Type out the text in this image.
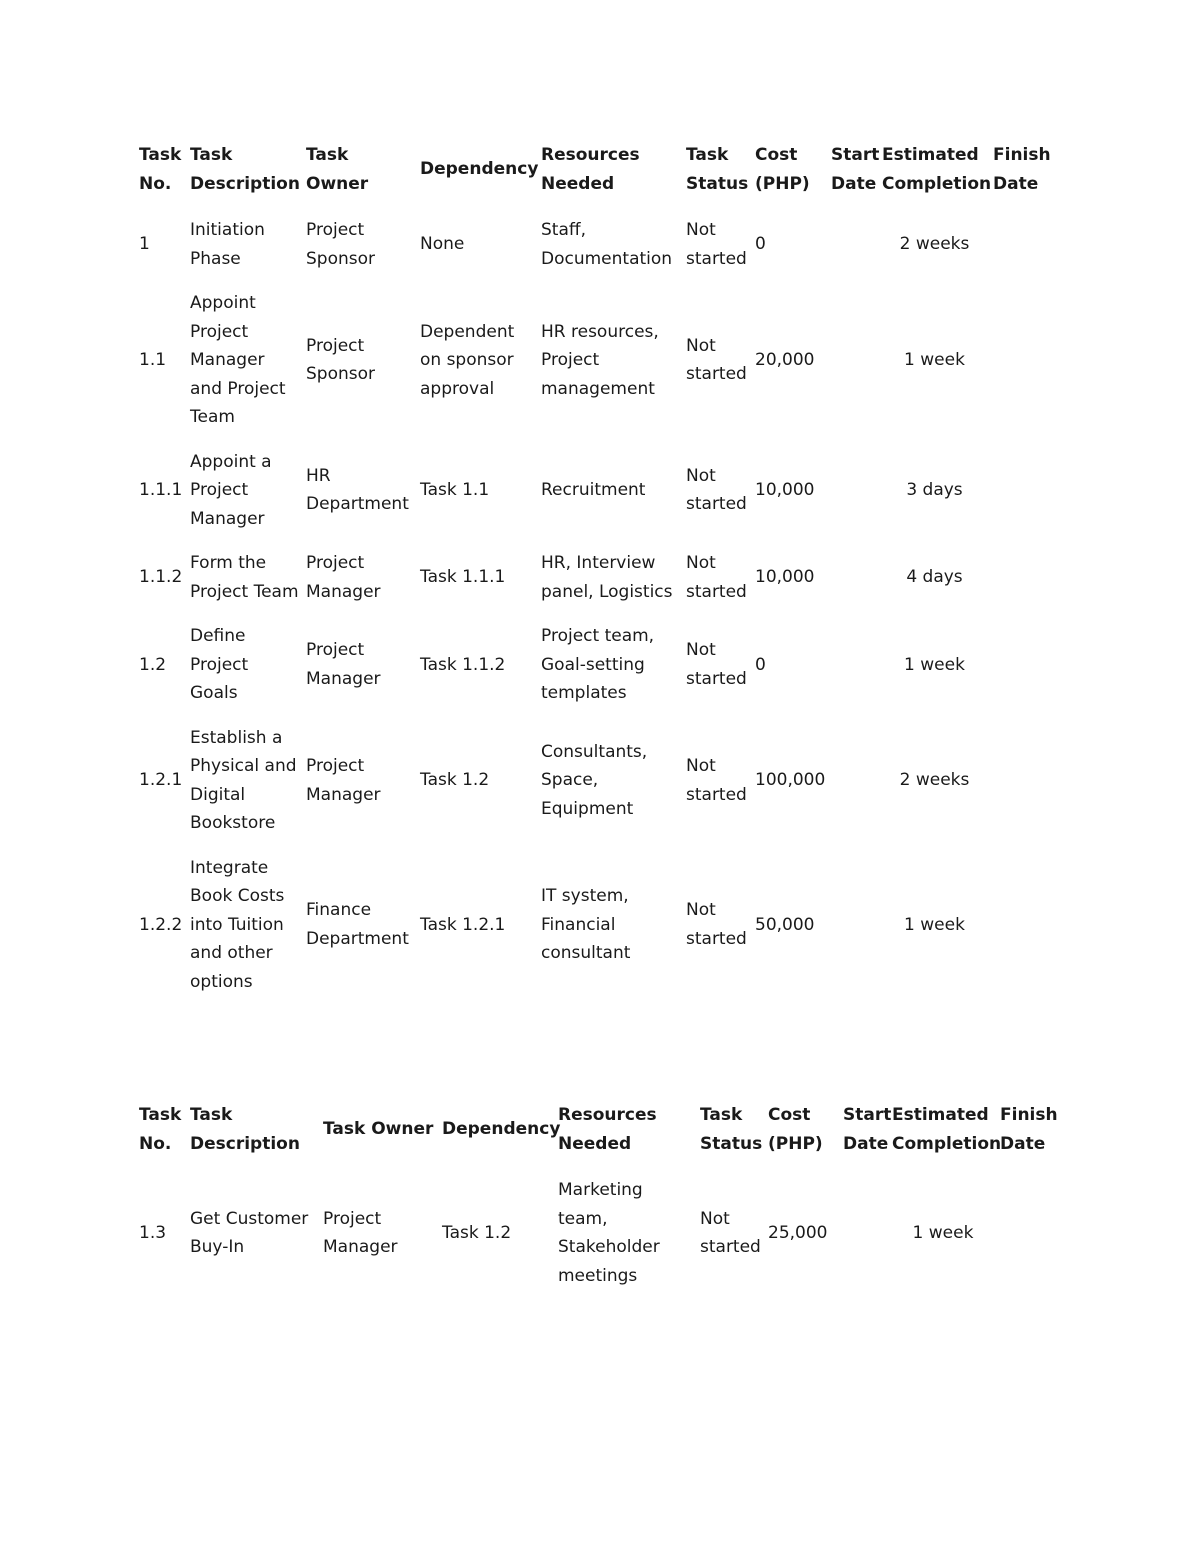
Task No.	Task Description	Task Owner	Dependency	Resources Needed	Task Status	Cost (PHP)	Start Date	Estimated Completion	Finish Date
1	Initiation Phase	Project Sponsor	None	Staff, Documentation	Not started	0		2 weeks	
1.1	Appoint Project Manager and Project Team	Project Sponsor	Dependent on sponsor approval	HR resources, Project management	Not started	20,000		1 week	
1.1.1	Appoint a Project Manager	HR Department	Task 1.1	Recruitment	Not started	10,000		3 days	
1.1.2	Form the Project Team	Project Manager	Task 1.1.1	HR, Interview panel, Logistics	Not started	10,000		4 days	
1.2	Define Project Goals	Project Manager	Task 1.1.2	Project team, Goal-setting templates	Not started	0		1 week	
1.2.1	Establish a Physical and Digital Bookstore	Project Manager	Task 1.2	Consultants, Space, Equipment	Not started	100,000		2 weeks	
1.2.2	Integrate Book Costs into Tuition and other options	Finance Department	Task 1.2.1	IT system, Financial consultant	Not started	50,000		1 week	
Task No.	Task Description	Task Owner	Dependency	Resources Needed	Task Status	Cost (PHP)	Start Date	Estimated Completion	Finish Date
1.3	Get Customer Buy-In	Project Manager	Task 1.2	Marketing team, Stakeholder meetings	Not started	25,000		1 week	
